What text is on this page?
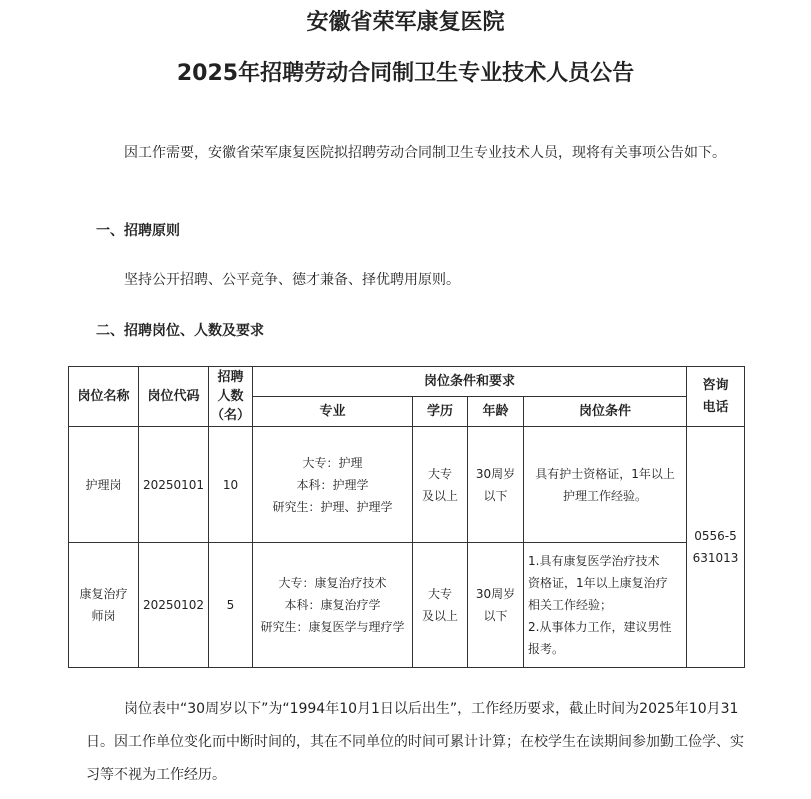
安徽省荣军康复医院
2025年招聘劳动合同制卫生专业技术人员公告

因工作需要，安徽省荣军康复医院拟招聘劳动合同制卫生专业技术人员，现将有关事项公告如下。

一、招聘原则

坚持公开招聘、公平竞争、德才兼备、择优聘用原则。

二、招聘岗位、人数及要求

岗位名称	岗位代码	招聘
人数
（名）	岗位条件和要求				咨询
电话

			专业	学历	年龄	岗位条件	
护理岗	20250101	10	大专：护理
本科：护理学
研究生：护理、护理学	大专
及以上	30周岁
以下	具有护士资格证，1年以上
护理工作经验。	0556-5
631013

康复治疗
师岗	20250102	5	大专：康复治疗技术
本科：康复治疗学
研究生：康复医学与理疗学	大专
及以上	30周岁
以下	1.具有康复医学治疗技术
资格证，1年以上康复治疗
相关工作经验；
2.从事体力工作，建议男性
报考。	

岗位表中“30周岁以下”为“1994年10月1日以后出生”，工作经历要求，截止时间为2025年10月31日。因工作单位变化而中断时间的，其在不同单位的时间可累计计算；在校学生在读期间参加勤工俭学、实习等不视为工作经历。
